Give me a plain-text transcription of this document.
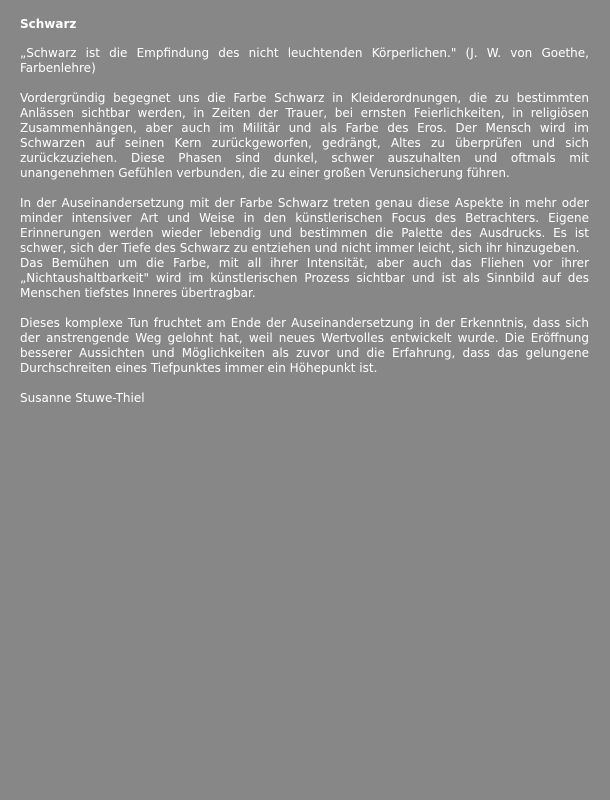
Schwarz

„Schwarz ist die Empfindung des nicht leuchtenden Körperlichen." (J. W. von Goethe, Farbenlehre)

Vordergründig begegnet uns die Farbe Schwarz in Kleiderordnungen, die zu bestimmten Anlässen sichtbar werden, in Zeiten der Trauer, bei ernsten Feierlichkeiten, in religiösen Zusammenhängen, aber auch im Militär und als Farbe des Eros. Der Mensch wird im Schwarzen auf seinen Kern zurückgeworfen, gedrängt, Altes zu überprüfen und sich zurückzuziehen. Diese Phasen sind dunkel, schwer auszuhalten und oftmals mit unangenehmen Gefühlen verbunden, die zu einer großen Verunsicherung führen.

In der Auseinandersetzung mit der Farbe Schwarz treten genau diese Aspekte in mehr oder minder intensiver Art und Weise in den künstlerischen Focus des Betrachters. Eigene Erinnerungen werden wieder lebendig und bestimmen die Palette des Ausdrucks. Es ist schwer, sich der Tiefe des Schwarz zu entziehen und nicht immer leicht, sich ihr hinzugeben.
Das Bemühen um die Farbe, mit all ihrer Intensität, aber auch das Fliehen vor ihrer „Nichtaushaltbarkeit" wird im künstlerischen Prozess sichtbar und ist als Sinnbild auf des Menschen tiefstes Inneres übertragbar.

Dieses komplexe Tun fruchtet am Ende der Auseinandersetzung in der Erkenntnis, dass sich der anstrengende Weg gelohnt hat, weil neues Wertvolles entwickelt wurde. Die Eröffnung besserer Aussichten und Möglichkeiten als zuvor und die Erfahrung, dass das gelungene Durchschreiten eines Tiefpunktes immer ein Höhepunkt ist.

Susanne Stuwe-Thiel
